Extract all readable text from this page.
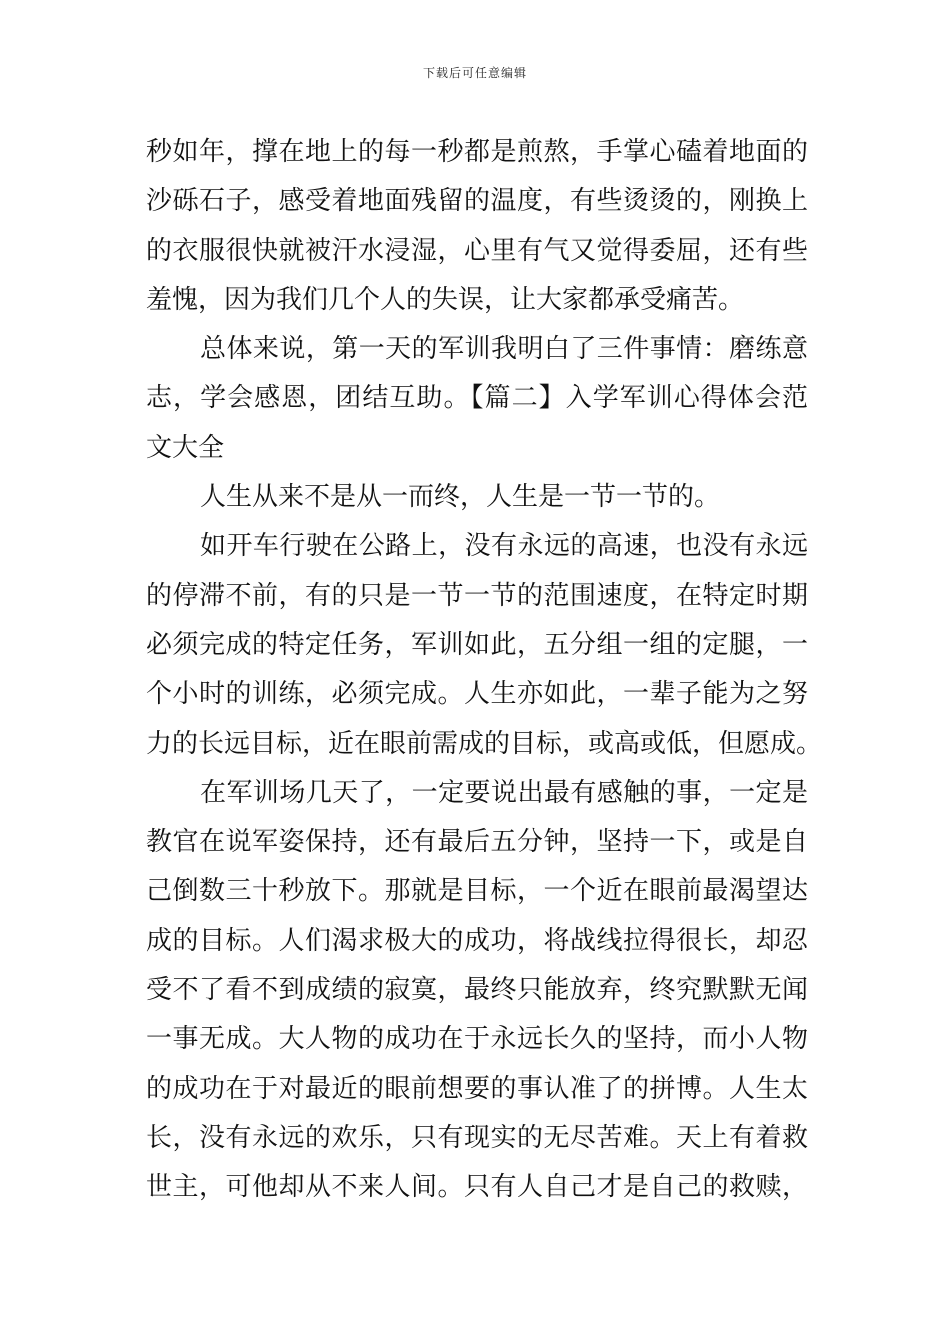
下载后可任意编辑
秒如年，撑在地上的每一秒都是煎熬，手掌心磕着地面的
沙砾石子，感受着地面残留的温度，有些烫烫的，刚换上
的衣服很快就被汗水浸湿，心里有气又觉得委屈，还有些
羞愧，因为我们几个人的失误，让大家都承受痛苦。
总体来说，第一天的军训我明白了三件事情：磨练意
志，学会感恩，团结互助。【篇二】入学军训心得体会范
文大全
人生从来不是从一而终，人生是一节一节的。
如开车行驶在公路上，没有永远的高速，也没有永远
的停滞不前，有的只是一节一节的范围速度，在特定时期
必须完成的特定任务，军训如此，五分组一组的定腿，一
个小时的训练，必须完成。人生亦如此，一辈子能为之努
力的长远目标，近在眼前需成的目标，或高或低，但愿成。
在军训场几天了，一定要说出最有感触的事，一定是
教官在说军姿保持，还有最后五分钟，坚持一下，或是自
己倒数三十秒放下。那就是目标，一个近在眼前最渴望达
成的目标。人们渴求极大的成功，将战线拉得很长，却忍
受不了看不到成绩的寂寞，最终只能放弃，终究默默无闻
一事无成。大人物的成功在于永远长久的坚持，而小人物
的成功在于对最近的眼前想要的事认准了的拼博。人生太
长，没有永远的欢乐，只有现实的无尽苦难。天上有着救
世主，可他却从不来人间。只有人自己才是自己的救赎，
